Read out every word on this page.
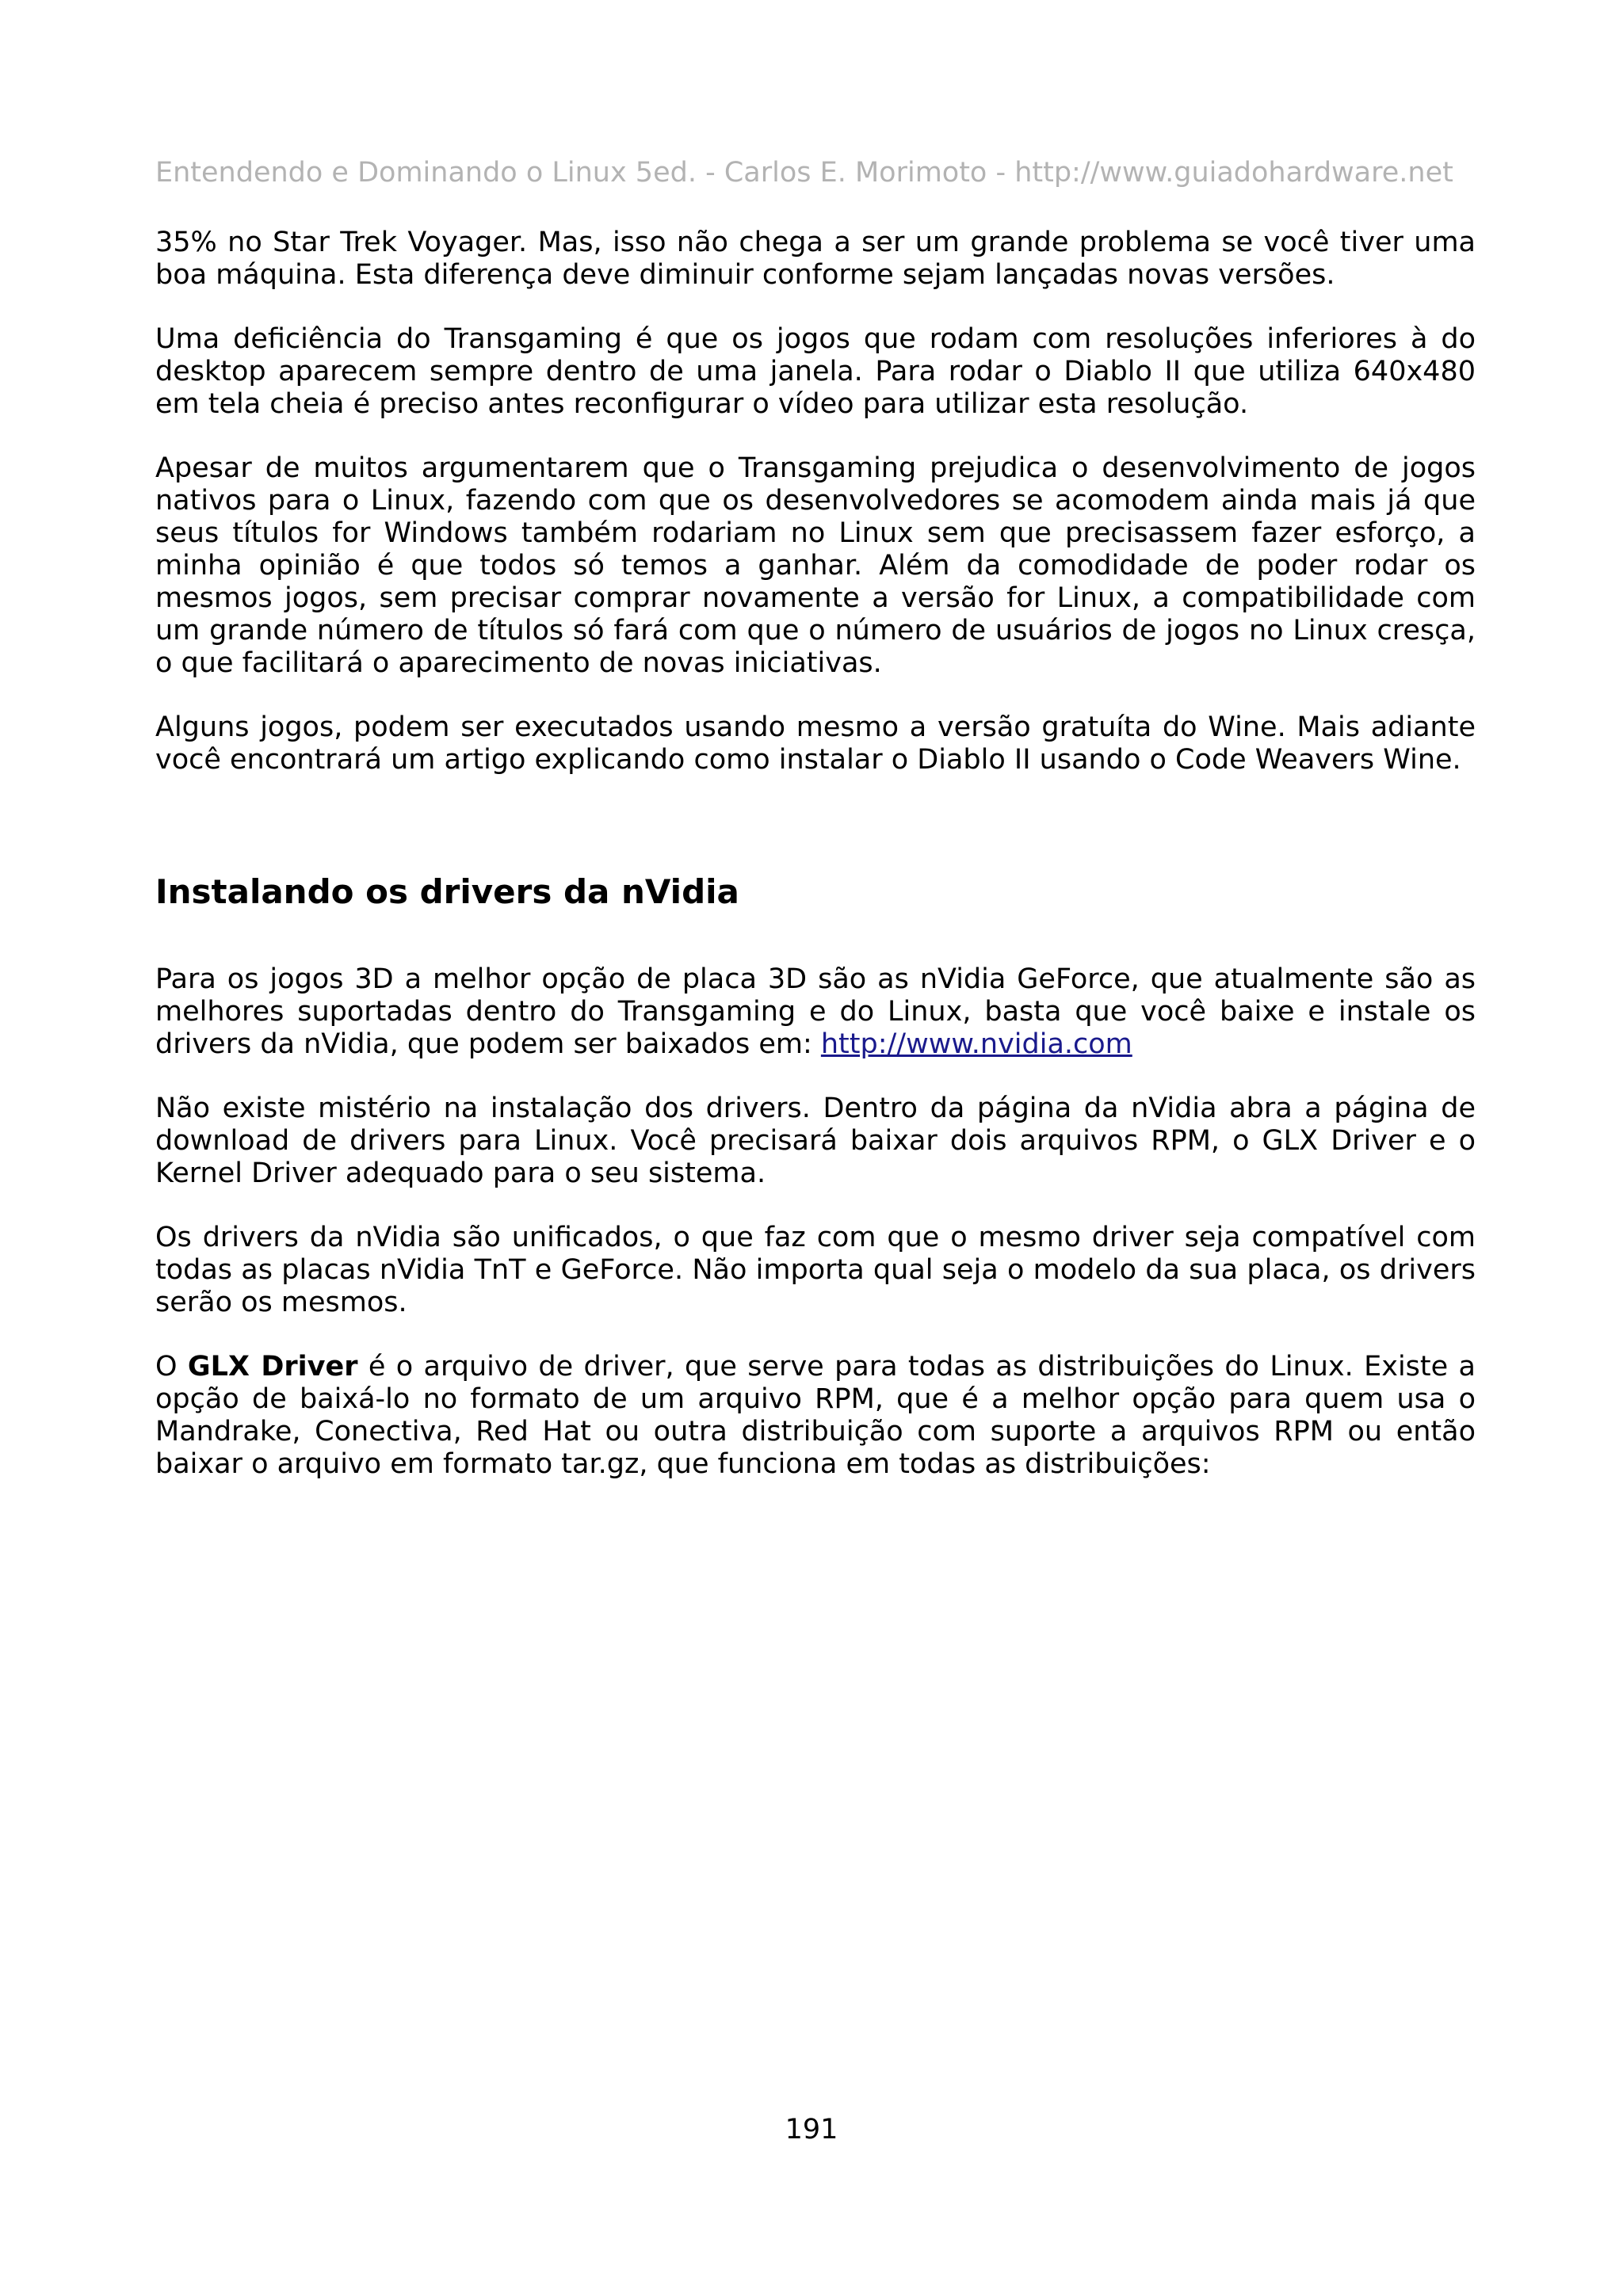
Entendendo e Dominando o Linux 5ed. - Carlos E. Morimoto - http://www.guiadohardware.net

35% no Star Trek Voyager. Mas, isso não chega a ser um grande problema se você tiver uma boa máquina. Esta diferença deve diminuir conforme sejam lançadas novas versões.

Uma deficiência do Transgaming é que os jogos que rodam com resoluções inferiores à do desktop aparecem sempre dentro de uma janela. Para rodar o Diablo II que utiliza 640x480 em tela cheia é preciso antes reconfigurar o vídeo para utilizar esta resolução.

Apesar de muitos argumentarem que o Transgaming prejudica o desenvolvimento de jogos nativos para o Linux, fazendo com que os desenvolvedores se acomodem ainda mais já que seus títulos for Windows também rodariam no Linux sem que precisassem fazer esforço, a minha opinião é que todos só temos a ganhar. Além da comodidade de poder rodar os mesmos jogos, sem precisar comprar novamente a versão for Linux, a compatibilidade com um grande número de títulos só fará com que o número de usuários de jogos no Linux cresça, o que facilitará o aparecimento de novas iniciativas.

Alguns jogos, podem ser executados usando mesmo a versão gratuíta do Wine. Mais adiante você encontrará um artigo explicando como instalar o Diablo II usando o Code Weavers Wine.

Instalando os drivers da nVidia

Para os jogos 3D a melhor opção de placa 3D são as nVidia GeForce, que atualmente são as melhores suportadas dentro do Transgaming e do Linux, basta que você baixe e instale os drivers da nVidia, que podem ser baixados em: http://www.nvidia.com

Não existe mistério na instalação dos drivers. Dentro da página da nVidia abra a página de download de drivers para Linux. Você precisará baixar dois arquivos RPM, o GLX Driver e o Kernel Driver adequado para o seu sistema.

Os drivers da nVidia são unificados, o que faz com que o mesmo driver seja compatível com todas as placas nVidia TnT e GeForce. Não importa qual seja o modelo da sua placa, os drivers serão os mesmos.

O GLX Driver é o arquivo de driver, que serve para todas as distribuições do Linux. Existe a opção de baixá-lo no formato de um arquivo RPM, que é a melhor opção para quem usa o Mandrake, Conectiva, Red Hat ou outra distribuição com suporte a arquivos RPM ou então baixar o arquivo em formato tar.gz, que funciona em todas as distribuições:

191
